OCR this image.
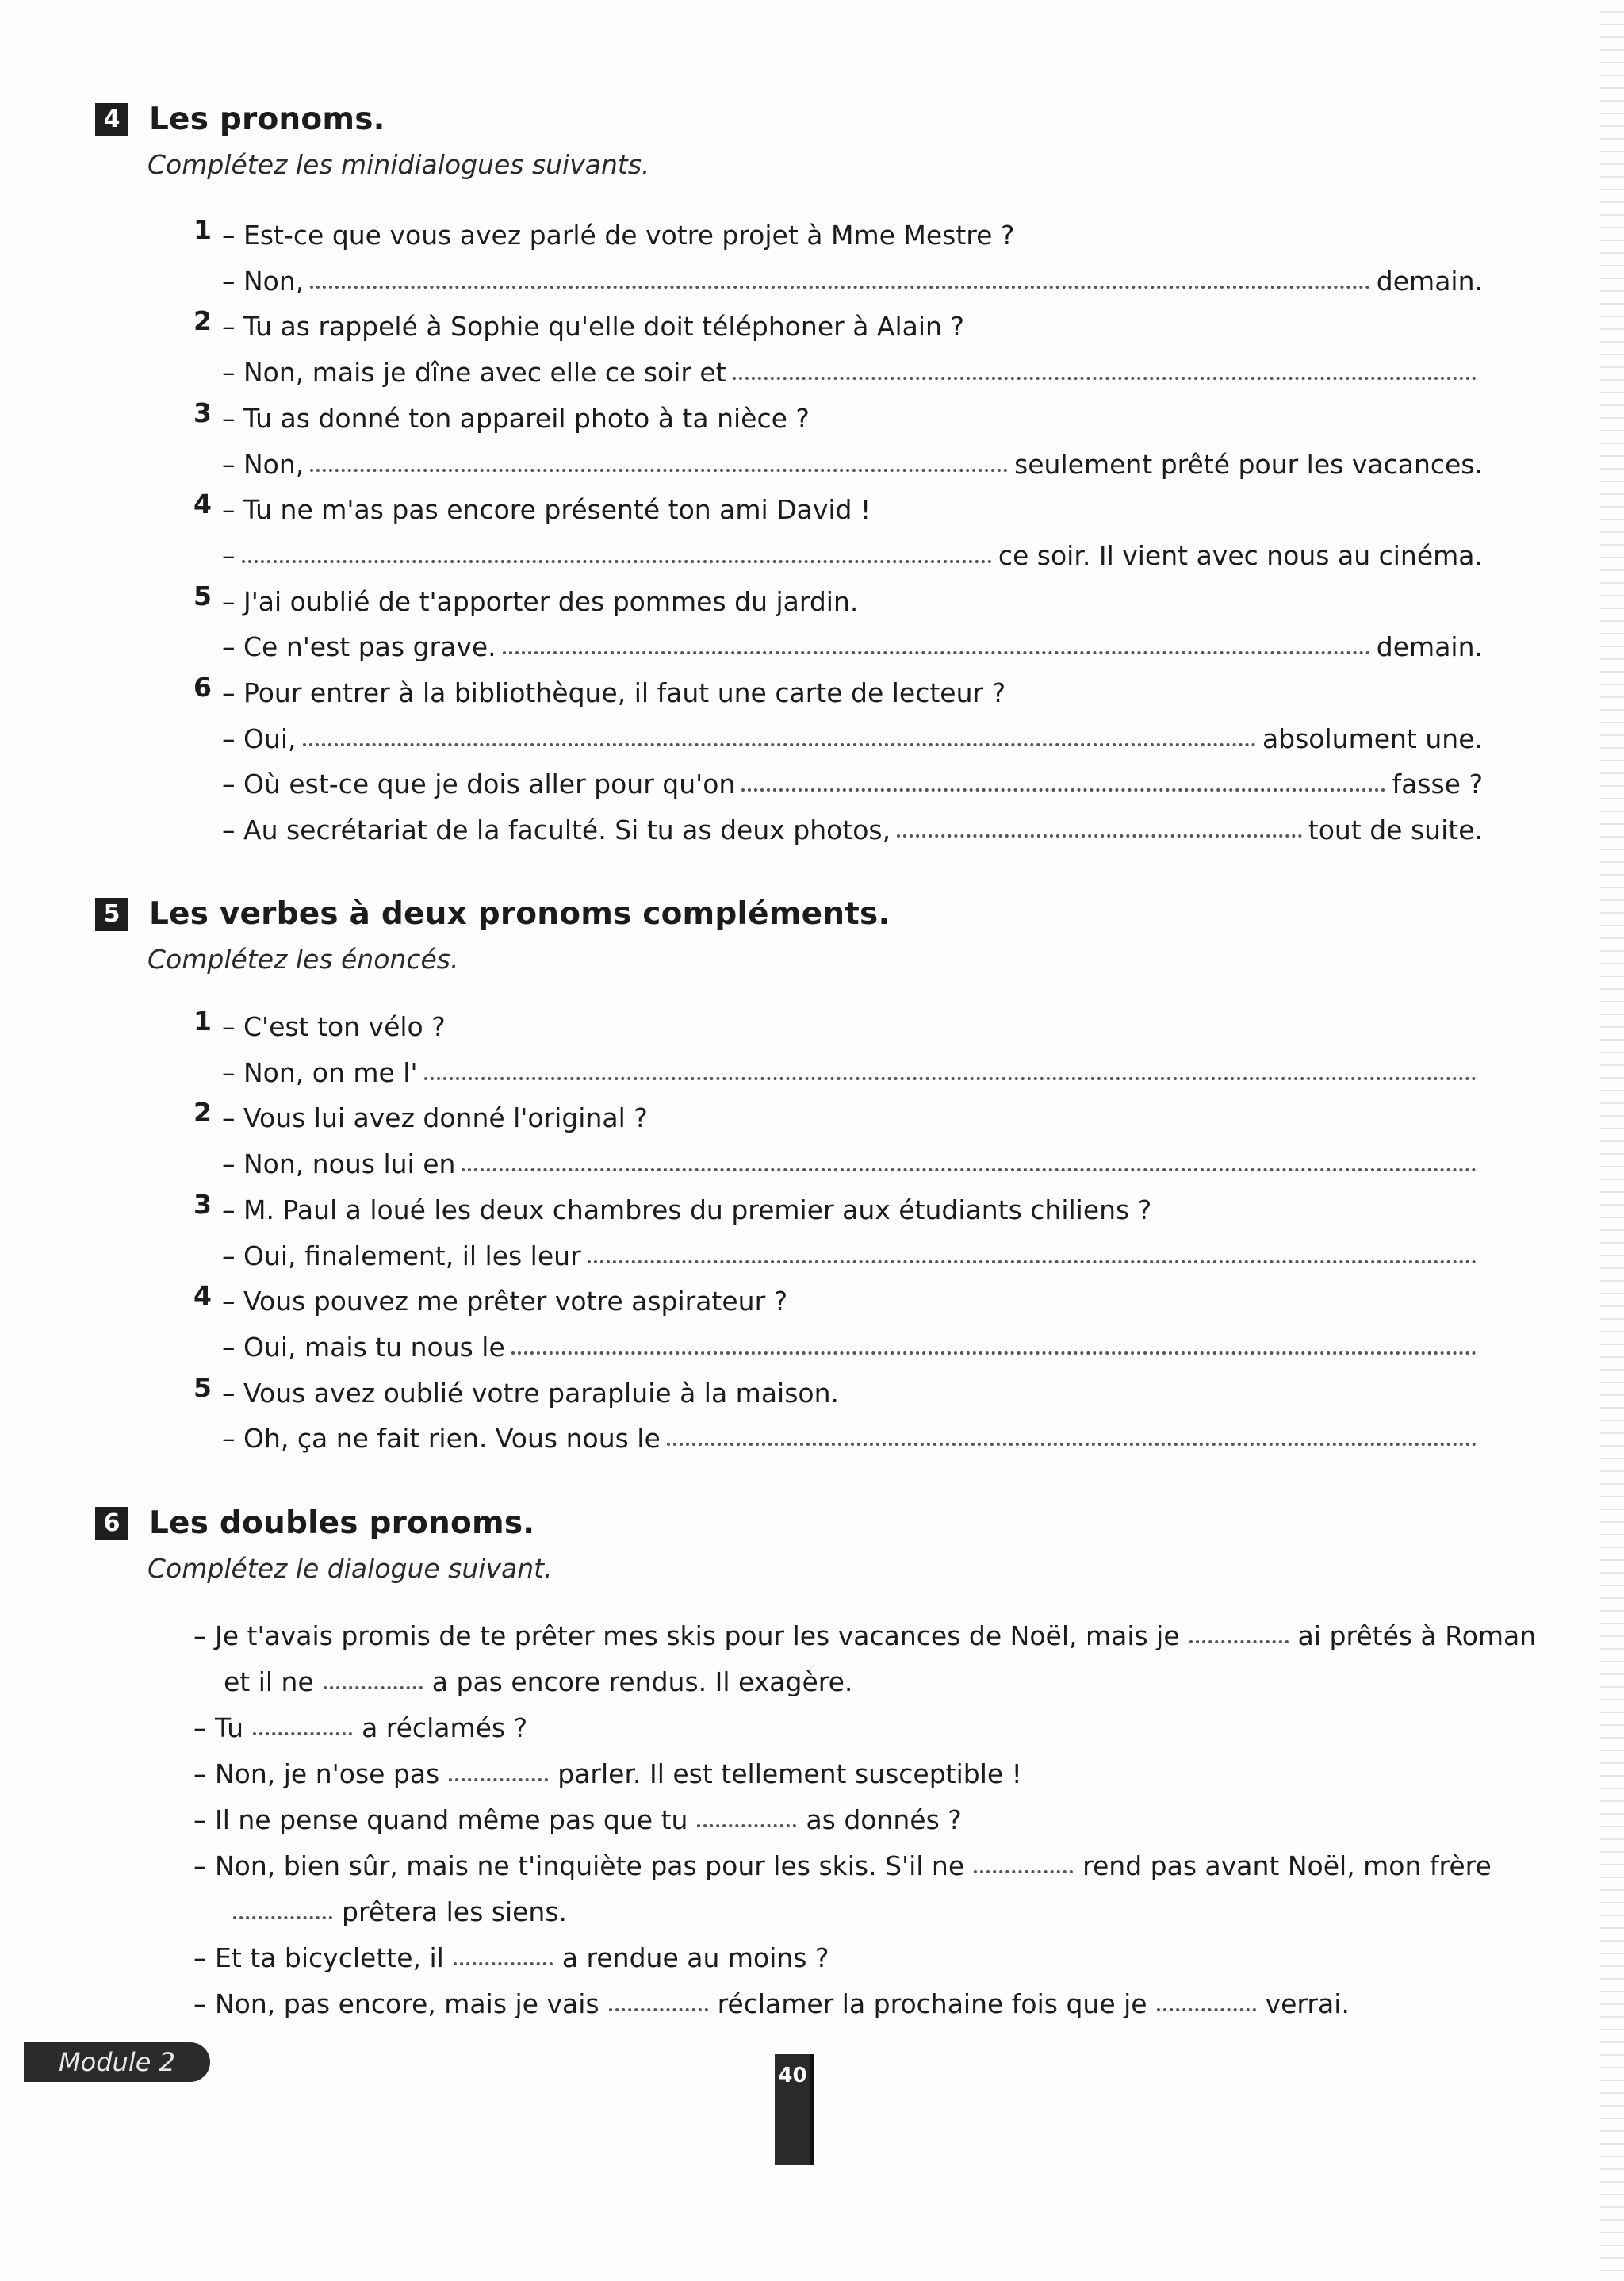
4 Les pronoms.
Complétez les minidialogues suivants.
1 – Est-ce que vous avez parlé de votre projet à Mme Mestre ?
– Non,	demain.
2 – Tu as rappelé à Sophie qu'elle doit téléphoner à Alain ?
– Non, mais je dîne avec elle ce soir et
3 – Tu as donné ton appareil photo à ta nièce ?
– Non,	seulement prêté pour les vacances.
4 – Tu ne m'as pas encore présenté ton ami David !
–	ce soir. Il vient avec nous au cinéma.
5 – J'ai oublié de t'apporter des pommes du jardin.
– Ce n'est pas grave.	demain.
6 – Pour entrer à la bibliothèque, il faut une carte de lecteur ?
– Oui,	absolument une.
– Où est-ce que je dois aller pour qu'on	fasse ?
– Au secrétariat de la faculté. Si tu as deux photos,	tout de suite.
5 Les verbes à deux pronoms compléments.
Complétez les énoncés.
1 – C'est ton vélo ?
– Non, on me l'
2 – Vous lui avez donné l'original ?
– Non, nous lui en
3 – M. Paul a loué les deux chambres du premier aux étudiants chiliens ?
– Oui, finalement, il les leur
4 – Vous pouvez me prêter votre aspirateur ?
– Oui, mais tu nous le
5 – Vous avez oublié votre parapluie à la maison.
– Oh, ça ne fait rien. Vous nous le
6 Les doubles pronoms.
Complétez le dialogue suivant.
– Je t'avais promis de te prêter mes skis pour les vacances de Noël, mais je	ai prêtés à Roman
et il ne	a pas encore rendus. Il exagère.
– Tu	a réclamés ?
– Non, je n'ose pas	parler. Il est tellement susceptible !
– Il ne pense quand même pas que tu	as donnés ?
– Non, bien sûr, mais ne t'inquiète pas pour les skis. S'il ne	rend pas avant Noël, mon frère
prêtera les siens.
– Et ta bicyclette, il	a rendue au moins ?
– Non, pas encore, mais je vais	réclamer la prochaine fois que je	verrai.
Module 2	40
